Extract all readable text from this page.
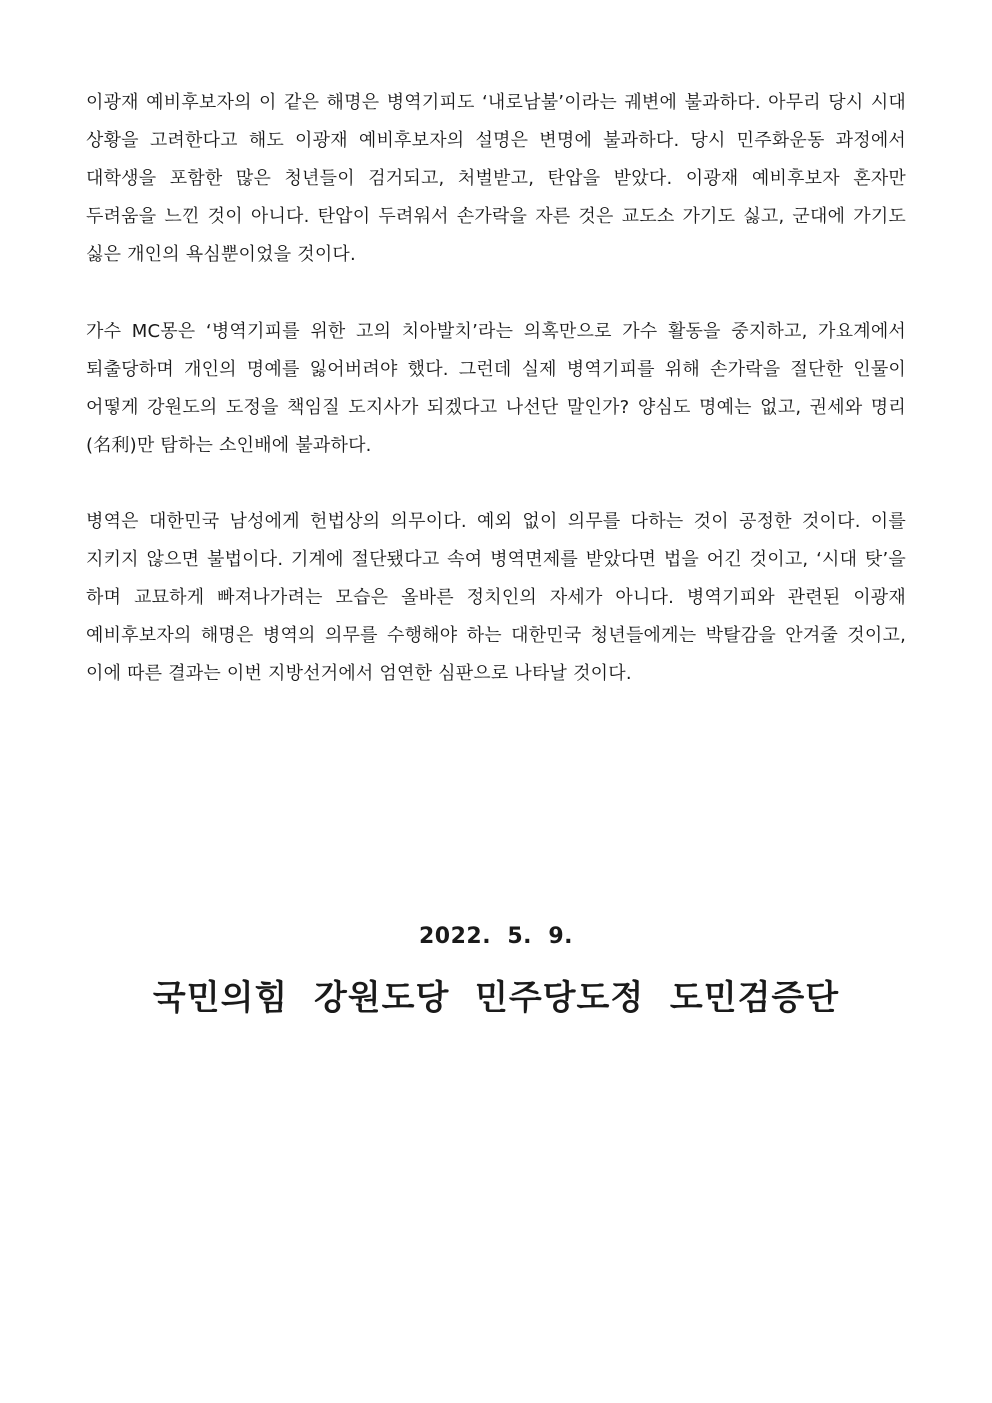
이광재 예비후보자의 이 같은 해명은 병역기피도 ‘내로남불’이라는 궤변에 불과하다. 아무리 당시 시대 상황을 고려한다고 해도 이광재 예비후보자의 설명은 변명에 불과하다. 당시 민주화운동 과정에서 대학생을 포함한 많은 청년들이 검거되고, 처벌받고, 탄압을 받았다. 이광재 예비후보자 혼자만 두려움을 느낀 것이 아니다. 탄압이 두려워서 손가락을 자른 것은 교도소 가기도 싫고, 군대에 가기도 싫은 개인의 욕심뿐이었을 것이다.

가수 MC몽은 ‘병역기피를 위한 고의 치아발치’라는 의혹만으로 가수 활동을 중지하고, 가요계에서 퇴출당하며 개인의 명예를 잃어버려야 했다. 그런데 실제 병역기피를 위해 손가락을 절단한 인물이 어떻게 강원도의 도정을 책임질 도지사가 되겠다고 나선단 말인가? 양심도 명예는 없고, 권세와 명리(名利)만 탐하는 소인배에 불과하다.

병역은 대한민국 남성에게 헌법상의 의무이다. 예외 없이 의무를 다하는 것이 공정한 것이다. 이를 지키지 않으면 불법이다. 기계에 절단됐다고 속여 병역면제를 받았다면 법을 어긴 것이고, ‘시대 탓’을 하며 교묘하게 빠져나가려는 모습은 올바른 정치인의 자세가 아니다. 병역기피와 관련된 이광재 예비후보자의 해명은 병역의 의무를 수행해야 하는 대한민국 청년들에게는 박탈감을 안겨줄 것이고, 이에 따른 결과는 이번 지방선거에서 엄연한 심판으로 나타날 것이다.

2022.  5.  9.
국민의힘  강원도당  민주당도정  도민검증단
